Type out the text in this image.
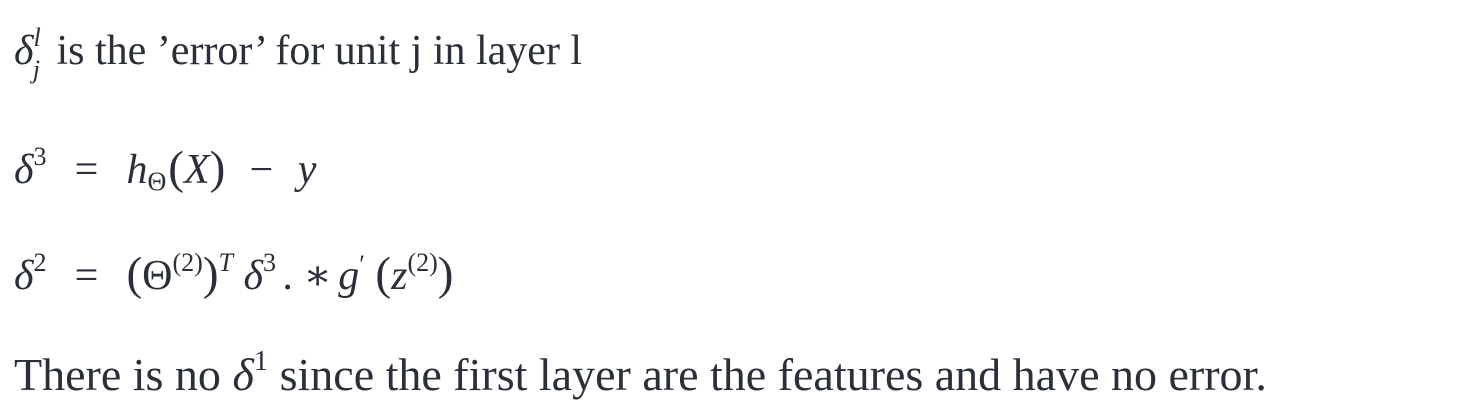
$\delta^l_j$ is the ’error’ for unit j in layer l
$\delta^3 = h\Theta(X) - y$
$\delta^2 = (\Theta^{(2)})^T$ $\delta^3$ . ∗ g′ $(z^{(2)})$
There is no $\delta^1$ since the first layer are the features and have no error.
